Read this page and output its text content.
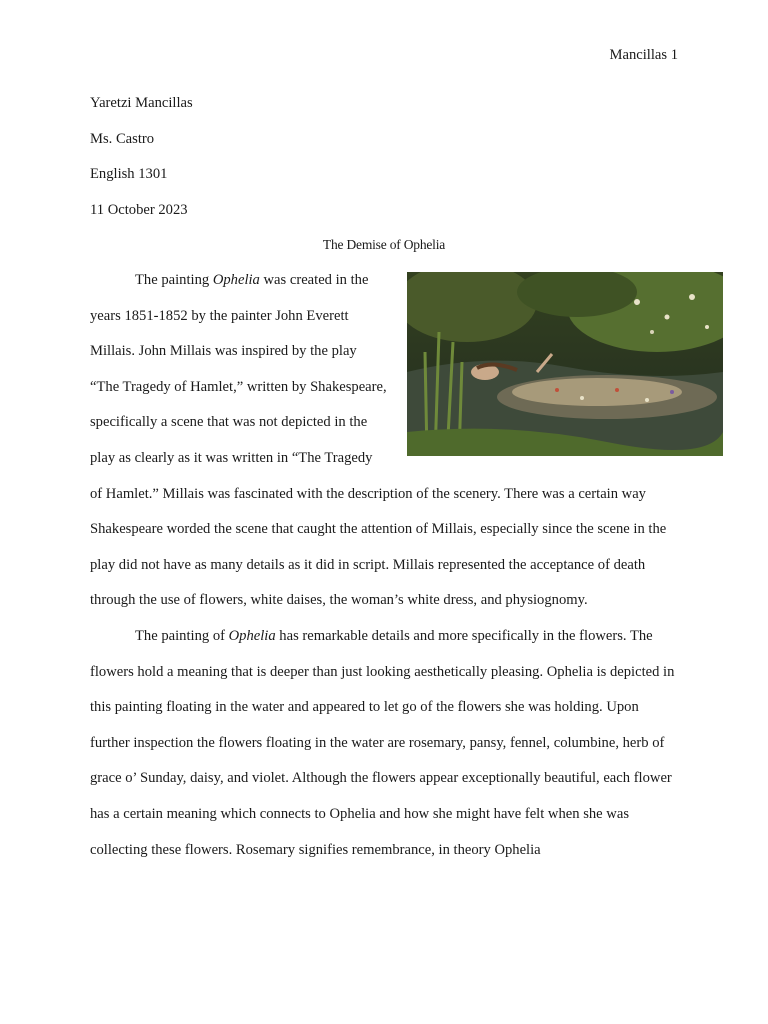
Mancillas 1
Yaretzi Mancillas
Ms. Castro
English 1301
11 October 2023
The Demise of Ophelia

The painting Ophelia was created in the years 1851-1852 by the painter John Everett Millais. John Millais was inspired by the play “The Tragedy of Hamlet,” written by Shakespeare, specifically a scene that was not depicted in the play as clearly as it was written in “The Tragedy of Hamlet.” Millais was fascinated with the description of the scenery. There was a certain way Shakespeare worded the scene that caught the attention of Millais, especially since the scene in the play did not have as many details as it did in script. Millais represented the acceptance of death through the use of flowers, white daises, the woman’s white dress, and physiognomy.

The painting of Ophelia has remarkable details and more specifically in the flowers. The flowers hold a meaning that is deeper than just looking aesthetically pleasing. Ophelia is depicted in this painting floating in the water and appeared to let go of the flowers she was holding. Upon further inspection the flowers floating in the water are rosemary, pansy, fennel, columbine, herb of grace o’ Sunday, daisy, and violet. Although the flowers appear exceptionally beautiful, each flower has a certain meaning which connects to Ophelia and how she might have felt when she was collecting these flowers. Rosemary signifies remembrance, in theory Ophelia
